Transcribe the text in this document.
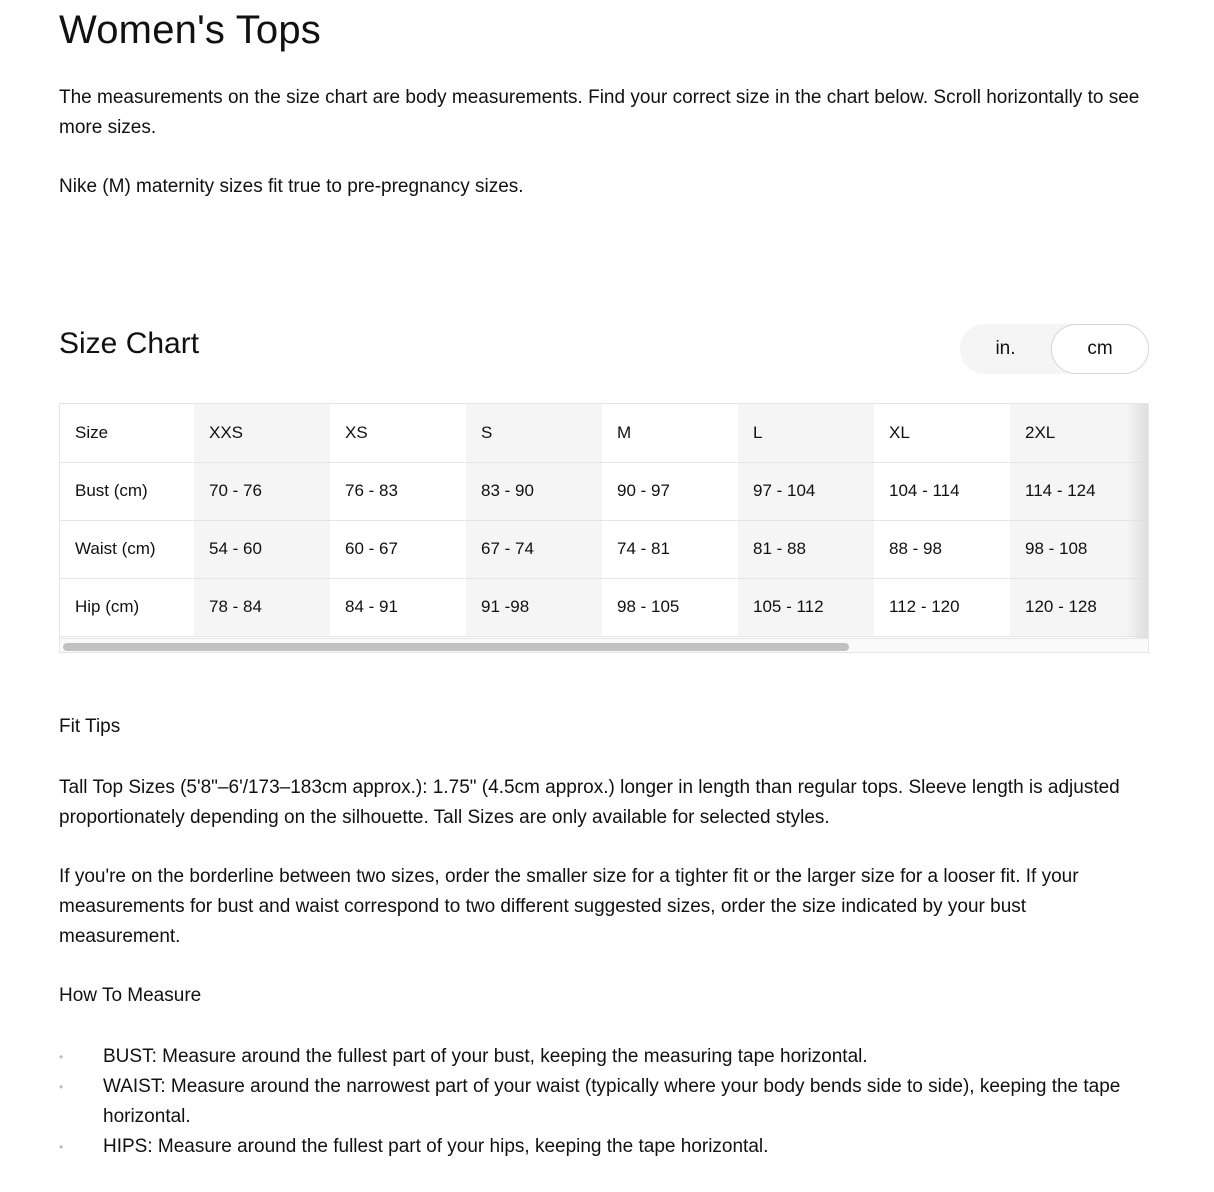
Women's Tops

The measurements on the size chart are body measurements. Find your correct size in the chart below. Scroll horizontally to see more sizes.

Nike (M) maternity sizes fit true to pre-pregnancy sizes.

Size Chart	in.	cm
Size	XXS	XS	S	M	L	XL	2XL
Bust (cm)	70 - 76	76 - 83	83 - 90	90 - 97	97 - 104	104 - 114	114 - 124
Waist (cm)	54 - 60	60 - 67	67 - 74	74 - 81	81 - 88	88 - 98	98 - 108
Hip (cm)	78 - 84	84 - 91	91 -98	98 - 105	105 - 112	112 - 120	120 - 128
Fit Tips

Tall Top Sizes (5'8"–6'/173–183cm approx.): 1.75" (4.5cm approx.) longer in length than regular tops. Sleeve length is adjusted proportionately depending on the silhouette. Tall Sizes are only available for selected styles.

If you're on the borderline between two sizes, order the smaller size for a tighter fit or the larger size for a looser fit. If your measurements for bust and waist correspond to two different suggested sizes, order the size indicated by your bust measurement.

How To Measure
• BUST: Measure around the fullest part of your bust, keeping the measuring tape horizontal.
• WAIST: Measure around the narrowest part of your waist (typically where your body bends side to side), keeping the tape horizontal.
• HIPS: Measure around the fullest part of your hips, keeping the tape horizontal.
